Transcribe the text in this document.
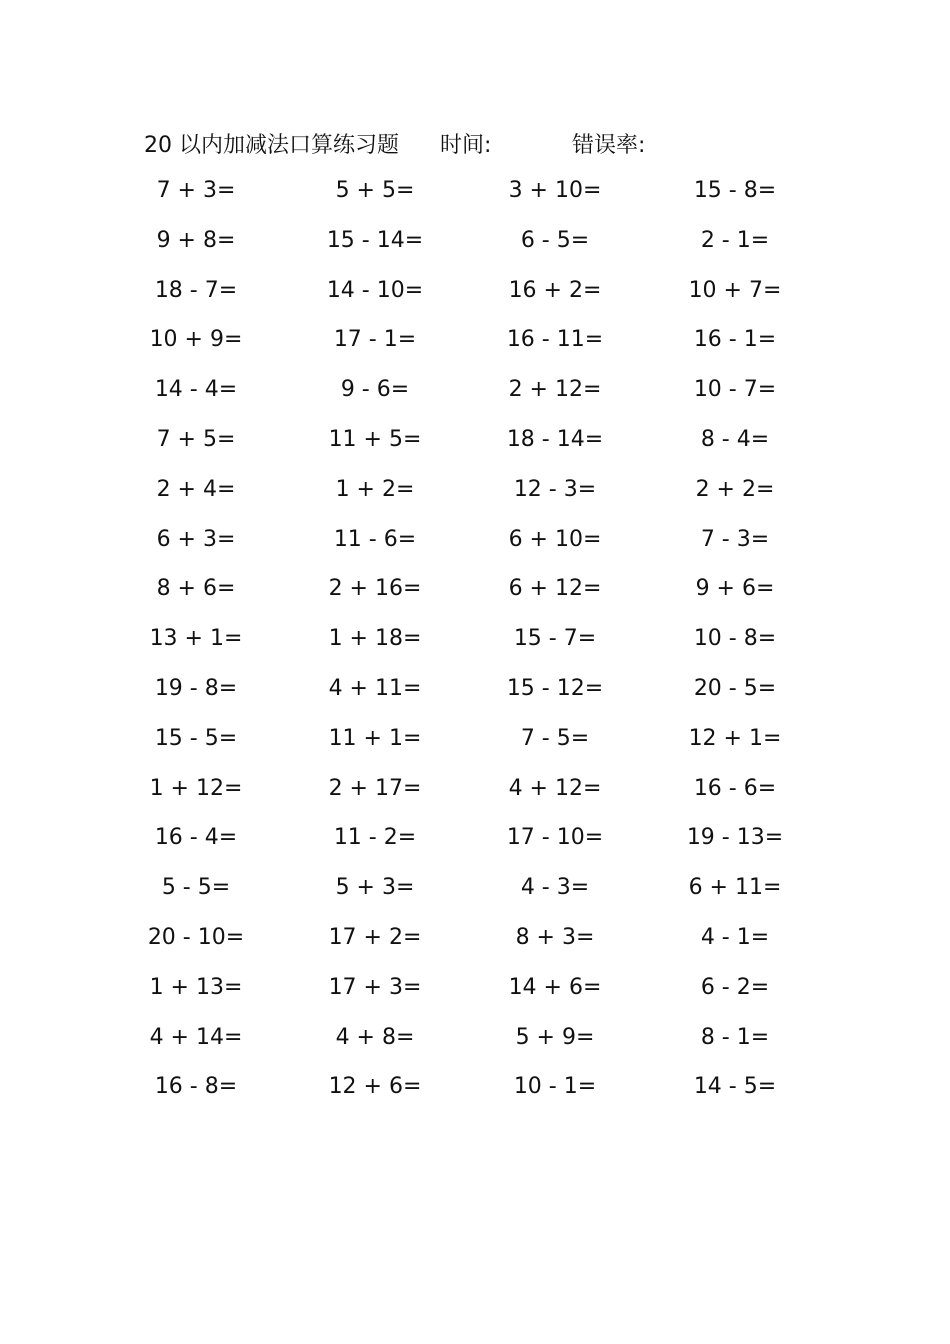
20 以内加减法口算练习题 时间:	错误率:
7 + 3=	5 + 5=	3 + 10=	15 - 8=
9 + 8=	15 - 14=	6 - 5=	2 - 1=
18 - 7=	14 - 10=	16 + 2=	10 + 7=
10 + 9=	17 - 1=	16 - 11=	16 - 1=
14 - 4=	9 - 6=	2 + 12=	10 - 7=
7 + 5=	11 + 5=	18 - 14=	8 - 4=
2 + 4=	1 + 2=	12 - 3=	2 + 2=
6 + 3=	11 - 6=	6 + 10=	7 - 3=
8 + 6=	2 + 16=	6 + 12=	9 + 6=
13 + 1=	1 + 18=	15 - 7=	10 - 8=
19 - 8=	4 + 11=	15 - 12=	20 - 5=
15 - 5=	11 + 1=	7 - 5=	12 + 1=
1 + 12=	2 + 17=	4 + 12=	16 - 6=
16 - 4=	11 - 2=	17 - 10=	19 - 13=
5 - 5=	5 + 3=	4 - 3=	6 + 11=
20 - 10=	17 + 2=	8 + 3=	4 - 1=
1 + 13=	17 + 3=	14 + 6=	6 - 2=
4 + 14=	4 + 8=	5 + 9=	8 - 1=
16 - 8=	12 + 6=	10 - 1=	14 - 5=
